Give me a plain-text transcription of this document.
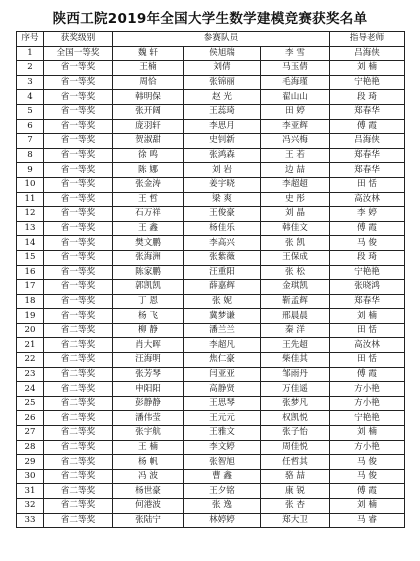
陕西工院2019年全国大学生数学建模竞赛获奖名单
序号	获奖级别	参赛队员			指导老师
1	全国一等奖	魏 轩	侯旭瑞	李 雪	吕海侠
2	省一等奖	王楠	刘倩	马玉倩	刘 楠
3	省一等奖	周恰	张锦丽	毛海瑾	宁艳艳
4	省一等奖	韩明保	赵 光	翟山山	段 琦
5	省一等奖	张开阔	王蕊琦	田 婷	郑春华
6	省一等奖	庞羽轩	李思月	李亚辉	傅 霞
7	省一等奖	贺淑甜	史钊新	冯兴梅	吕海侠
8	省一等奖	徐 鸣	张鸿森	王 若	郑春华
9	省一等奖	陈 娜	刘 岩	边 喆	郑春华
10	省一等奖	张金涛	姜宇晓	李超超	田 恬
11	省一等奖	王 哲	梁 爽	史 彤	高汝林
12	省一等奖	石万祥	王俊豪	刘 晶	李 婷
13	省一等奖	王 鑫	杨佳乐	韩佳文	傅 霞
14	省一等奖	樊文鹏	李高兴	张 凯	马 俊
15	省一等奖	张海洲	张紫薇	王保成	段 琦
16	省一等奖	陈家鹏	汪重阳	张 松	宁艳艳
17	省一等奖	郭凯凯	薛嘉辉	金琪凯	张晓鸿
18	省一等奖	丁 恩	张 妮	靳孟辉	郑春华
19	省一等奖	杨 飞	冀梦谦	邢晨晨	刘 楠
20	省二等奖	柳 静	潘兰兰	秦 洋	田 恬
21	省二等奖	肖大晖	李超凡	王先超	高汝林
22	省二等奖	汪海明	焦仁豪	柴佳其	田 恬
23	省二等奖	张芳琴	闫亚亚	邹雨丹	傅 霞
24	省二等奖	申阳阳	高静贤	万佳遥	方小艳
25	省二等奖	彭静静	王思琴	张梦凡	方小艳
26	省二等奖	潘伟莹	王元元	权凯悦	宁艳艳
27	省二等奖	张宇航	王雅文	张子怡	刘 楠
28	省二等奖	王 楠	李文婷	周佳悦	方小艳
29	省二等奖	杨 帆	张智旭	任哲其	马 俊
30	省二等奖	冯 波	曹 鑫	骆 喆	马 俊
31	省二等奖	杨世豪	王夕铭	康 锐	傅 霞
32	省二等奖	何港波	张 逸	张 杏	刘 楠
33	省二等奖	张陆宁	林婷婷	郑大卫	马 睿
